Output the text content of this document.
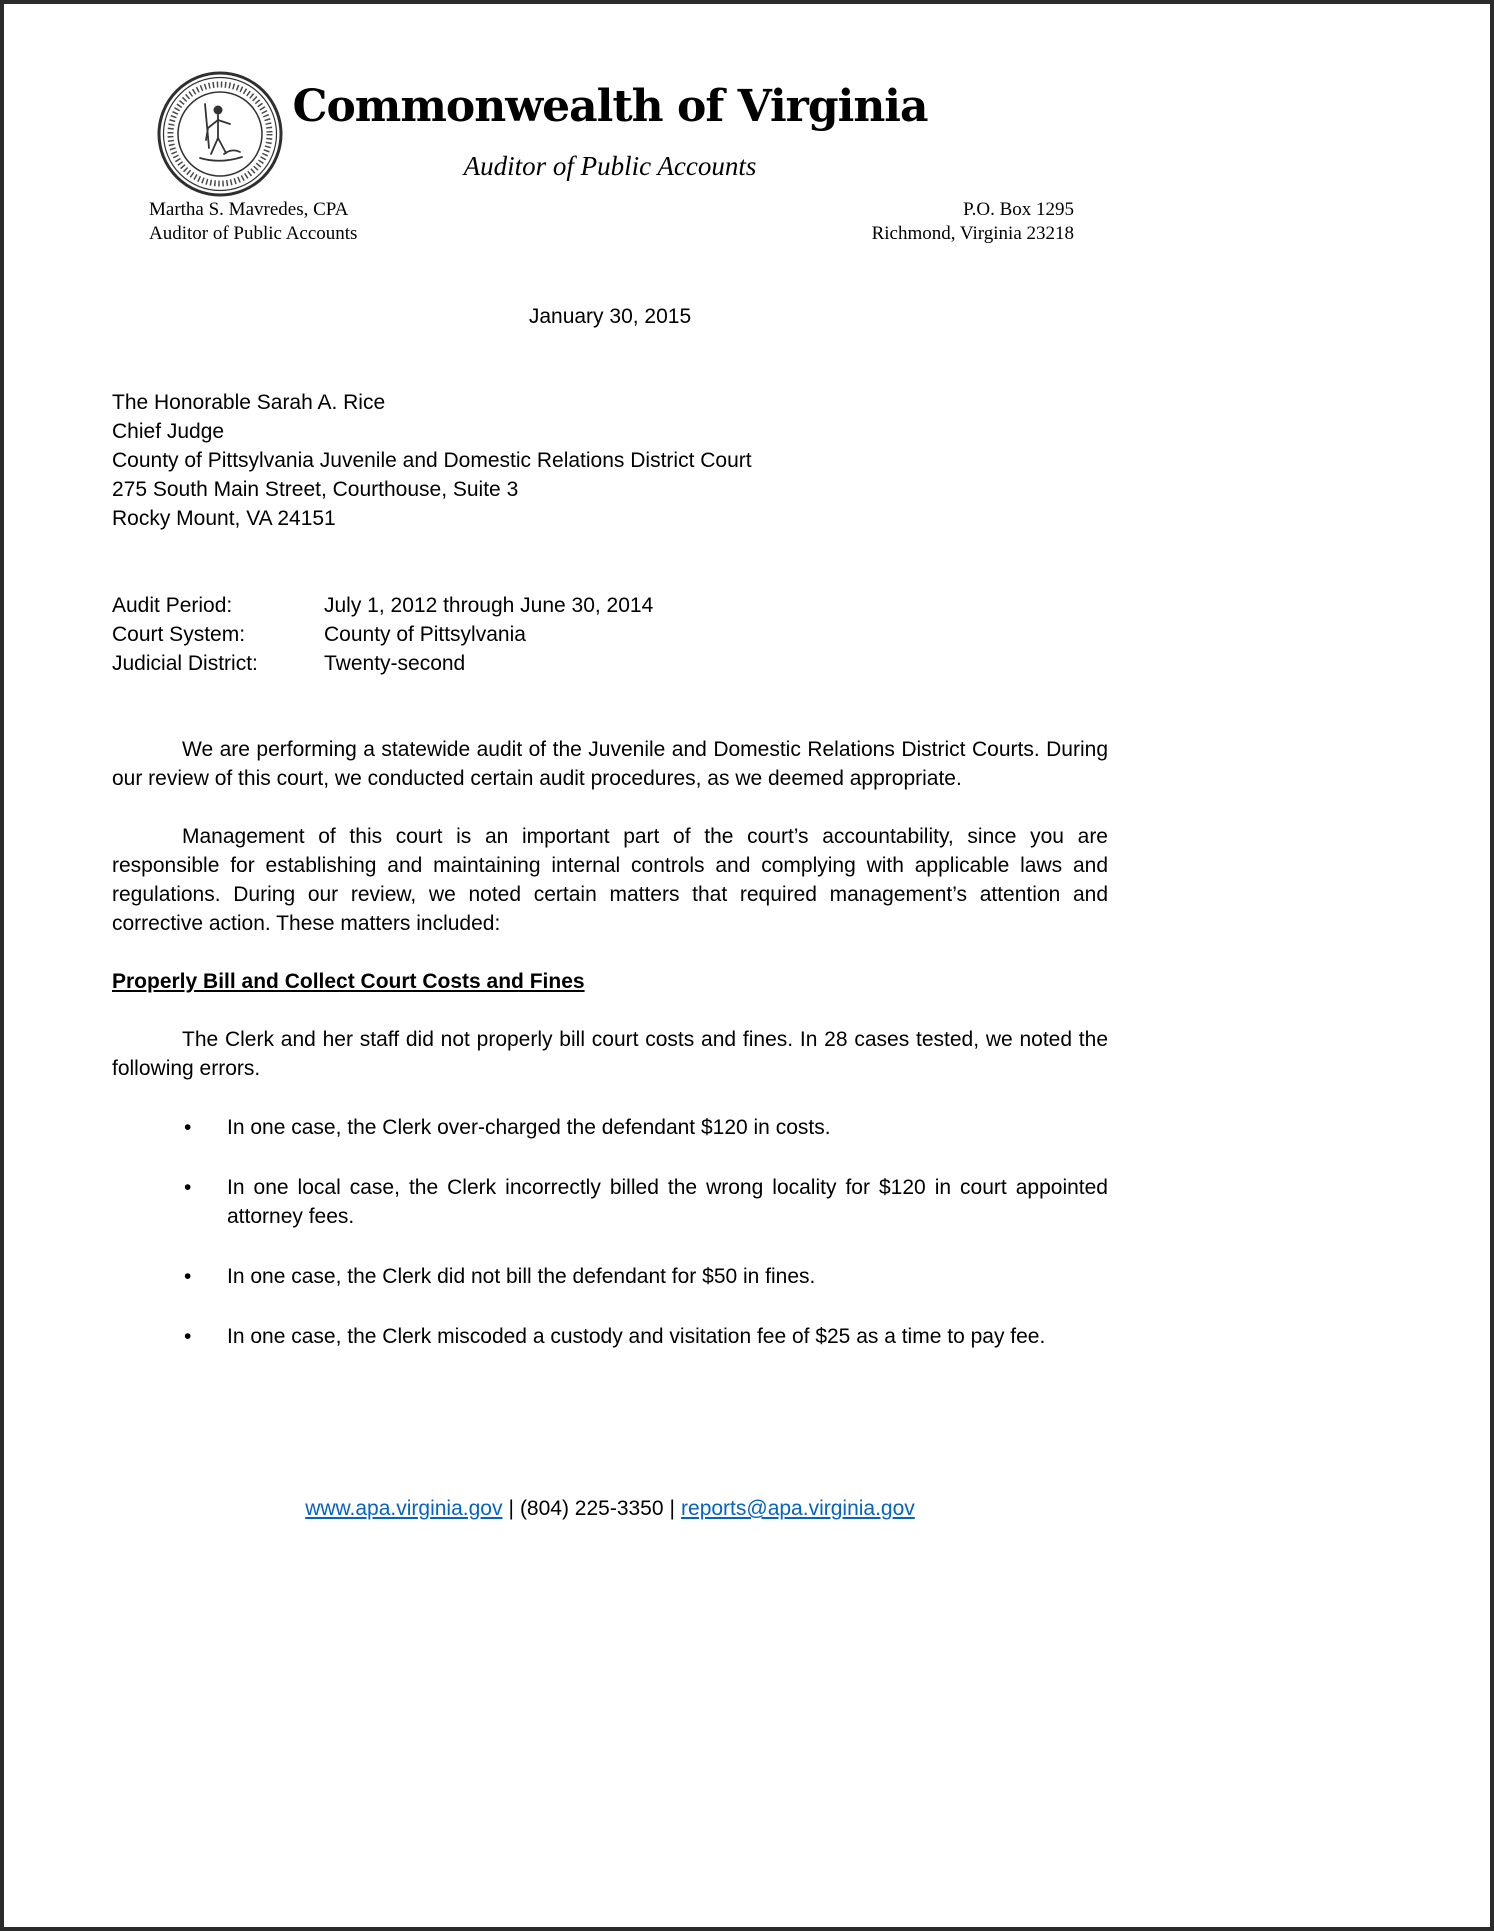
Commonwealth of Virginia
Auditor of Public Accounts
Martha S. Mavredes, CPA
Auditor of Public Accounts
P.O. Box 1295
Richmond, Virginia 23218
January 30, 2015
The Honorable Sarah A. Rice
Chief Judge
County of Pittsylvania Juvenile and Domestic Relations District Court
275 South Main Street, Courthouse, Suite 3
Rocky Mount, VA 24151
Audit Period:	July 1, 2012 through June 30, 2014
Court System:	County of Pittsylvania
Judicial District:	Twenty-second

We are performing a statewide audit of the Juvenile and Domestic Relations District Courts. During our review of this court, we conducted certain audit procedures, as we deemed appropriate.

Management of this court is an important part of the court’s accountability, since you are responsible for establishing and maintaining internal controls and complying with applicable laws and regulations. During our review, we noted certain matters that required management’s attention and corrective action. These matters included:

Properly Bill and Collect Court Costs and Fines

The Clerk and her staff did not properly bill court costs and fines. In 28 cases tested, we noted the following errors.

• In one case, the Clerk over-charged the defendant $120 in costs.
• In one local case, the Clerk incorrectly billed the wrong locality for $120 in court appointed attorney fees.
• In one case, the Clerk did not bill the defendant for $50 in fines.
• In one case, the Clerk miscoded a custody and visitation fee of $25 as a time to pay fee.
www.apa.virginia.gov | (804) 225-3350 | reports@apa.virginia.gov
